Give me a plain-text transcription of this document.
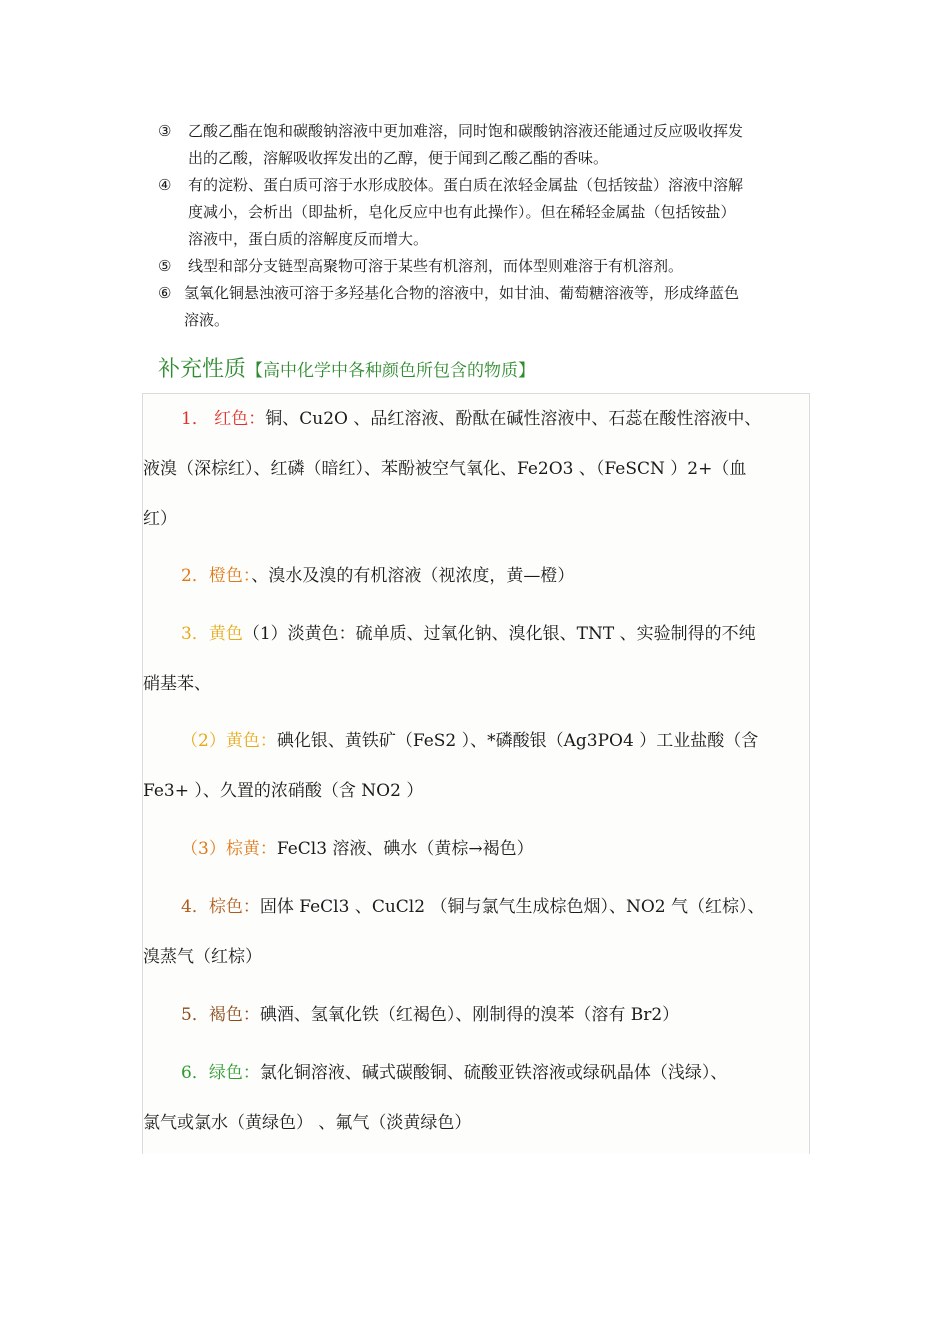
③	乙酸乙酯在饱和碳酸钠溶液中更加难溶，同时饱和碳酸钠溶液还能通过反应吸收挥发
出的乙酸，溶解吸收挥发出的乙醇，便于闻到乙酸乙酯的香味。
④	有的淀粉、蛋白质可溶于水形成胶体。蛋白质在浓轻金属盐（包括铵盐）溶液中溶解
度减小，会析出（即盐析，皂化反应中也有此操作）。但在稀轻金属盐（包括铵盐）
溶液中，蛋白质的溶解度反而增大。
⑤	线型和部分支链型高聚物可溶于某些有机溶剂，而体型则难溶于有机溶剂。
⑥ 氢氧化铜悬浊液可溶于多羟基化合物的溶液中，如甘油、葡萄糖溶液等，形成绛蓝色
溶液。
补充性质【高中化学中各种颜色所包含的物质】

1． 红色：铜、Cu2O 、品红溶液、酚酞在碱性溶液中、石蕊在酸性溶液中、

液溴（深棕红）、红磷（暗红）、苯酚被空气氧化、Fe2O3 、（FeSCN ）2+（血

红）

2．橙色：、溴水及溴的有机溶液（视浓度，黄—橙）

3．黄色（1）淡黄色：硫单质、过氧化钠、溴化银、TNT 、实验制得的不纯

硝基苯、

（2）黄色：碘化银、黄铁矿（FeS2 ）、*磷酸银（Ag3PO4 ）工业盐酸（含

Fe3+ ）、久置的浓硝酸（含 NO2 ）

（3）棕黄：FeCl3 溶液、碘水（黄棕→褐色）

4．棕色：固体 FeCl3 、CuCl2 （铜与氯气生成棕色烟）、NO2 气（红棕）、

溴蒸气（红棕）

5．褐色：碘酒、氢氧化铁（红褐色）、刚制得的溴苯（溶有 Br2）

6．绿色：氯化铜溶液、碱式碳酸铜、硫酸亚铁溶液或绿矾晶体（浅绿）、

氯气或氯水（黄绿色） 、氟气（淡黄绿色）
